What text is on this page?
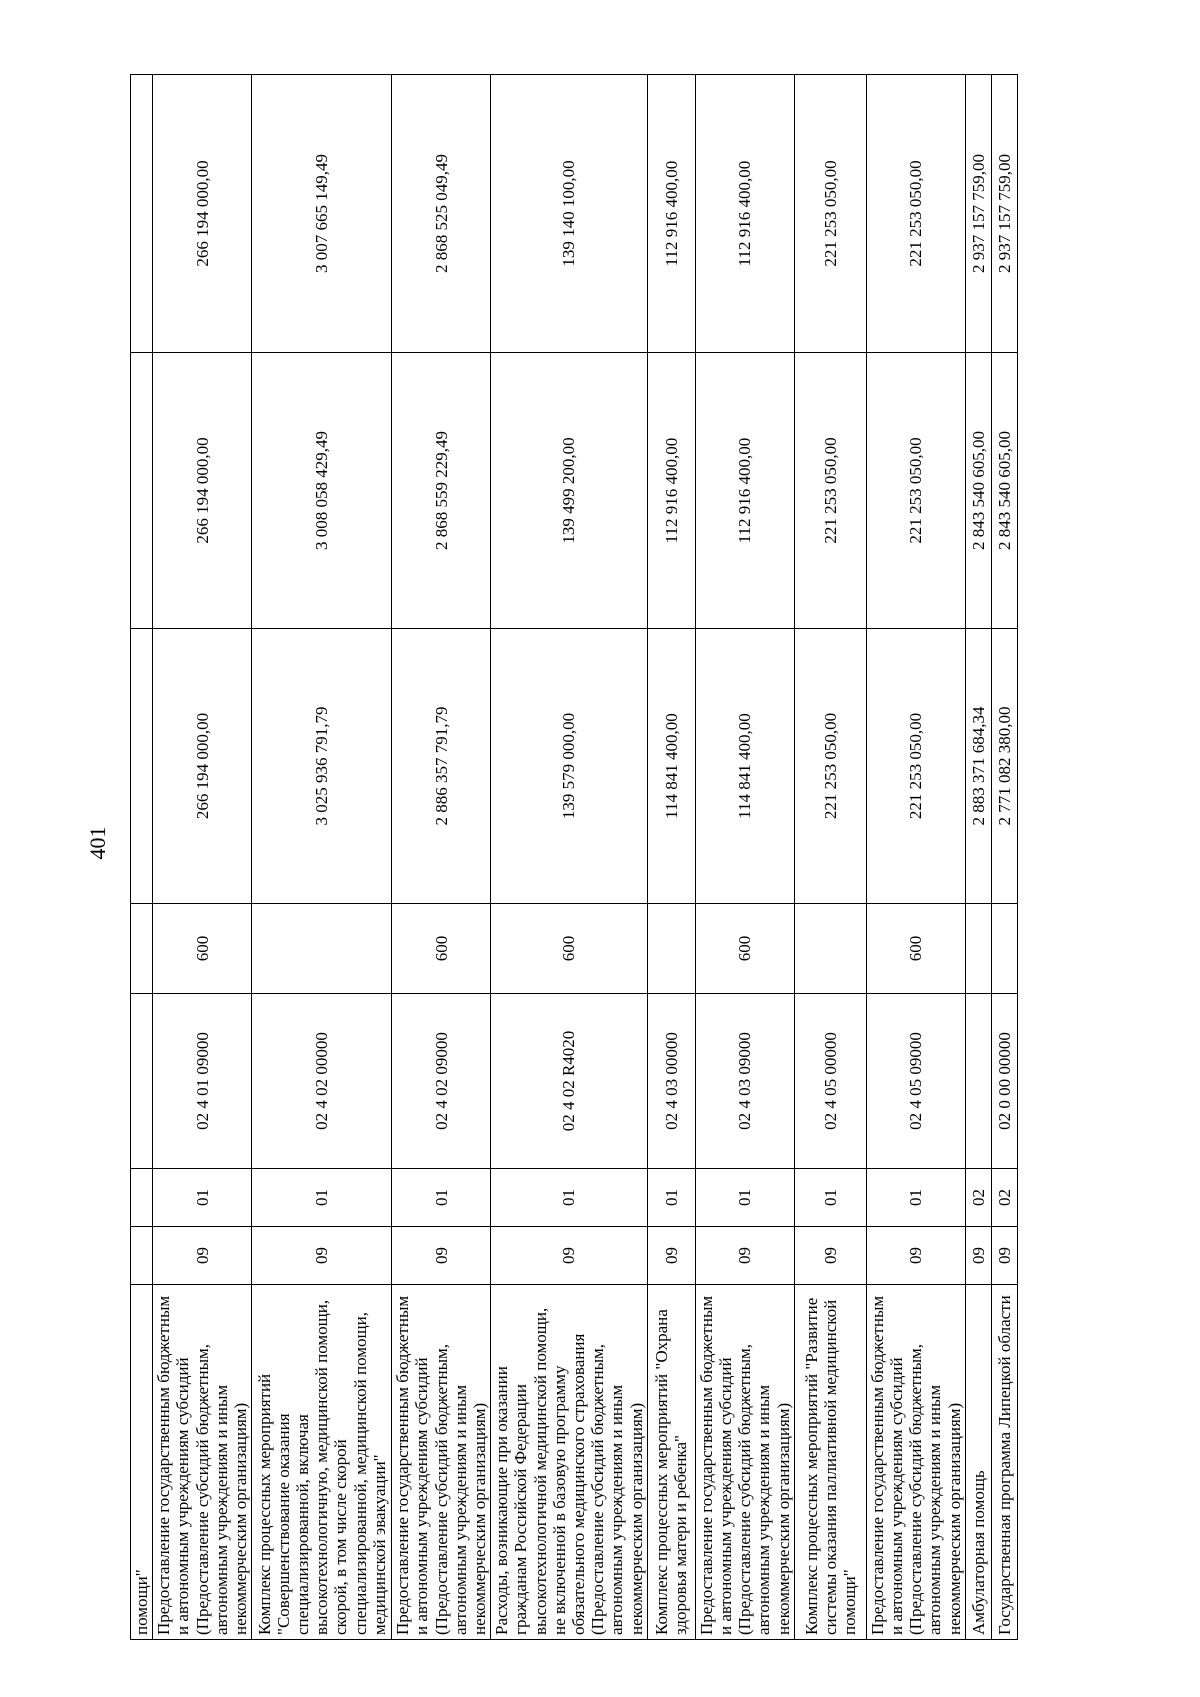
401
помощи"							
Предоставление государственным бюджетным и автономным учреждениям субсидий (Предоставление субсидий бюджетным, автономным учреждениям и иным некоммерческим организациям)	09	01	02 4 01 09000	600	266 194 000,00	266 194 000,00	266 194 000,00
Комплекс процессных мероприятий "Совершенствование оказания специализированной, включая высокотехнологичную, медицинской помощи, скорой, в том числе скорой специализированной, медицинской помощи, медицинской эвакуации"	09	01	02 4 02 00000		3 025 936 791,79	3 008 058 429,49	3 007 665 149,49
Предоставление государственным бюджетным и автономным учреждениям субсидий (Предоставление субсидий бюджетным, автономным учреждениям и иным некоммерческим организациям)	09	01	02 4 02 09000	600	2 886 357 791,79	2 868 559 229,49	2 868 525 049,49
Расходы, возникающие при оказании гражданам Российской Федерации высокотехнологичной медицинской помощи, не включенной в базовую программу обязательного медицинского страхования (Предоставление субсидий бюджетным, автономным учреждениям и иным некоммерческим организациям)	09	01	02 4 02 R4020	600	139 579 000,00	139 499 200,00	139 140 100,00
Комплекс процессных мероприятий "Охрана здоровья матери и ребенка"	09	01	02 4 03 00000		114 841 400,00	112 916 400,00	112 916 400,00
Предоставление государственным бюджетным и автономным учреждениям субсидий (Предоставление субсидий бюджетным, автономным учреждениям и иным некоммерческим организациям)	09	01	02 4 03 09000	600	114 841 400,00	112 916 400,00	112 916 400,00
Комплекс процессных мероприятий "Развитие системы оказания паллиативной медицинской помощи"	09	01	02 4 05 00000		221 253 050,00	221 253 050,00	221 253 050,00
Предоставление государственным бюджетным и автономным учреждениям субсидий (Предоставление субсидий бюджетным, автономным учреждениям и иным некоммерческим организациям)	09	01	02 4 05 09000	600	221 253 050,00	221 253 050,00	221 253 050,00
Амбулаторная помощь	09	02			2 883 371 684,34	2 843 540 605,00	2 937 157 759,00
Государственная программа Липецкой области	09	02	02 0 00 00000		2 771 082 380,00	2 843 540 605,00	2 937 157 759,00
